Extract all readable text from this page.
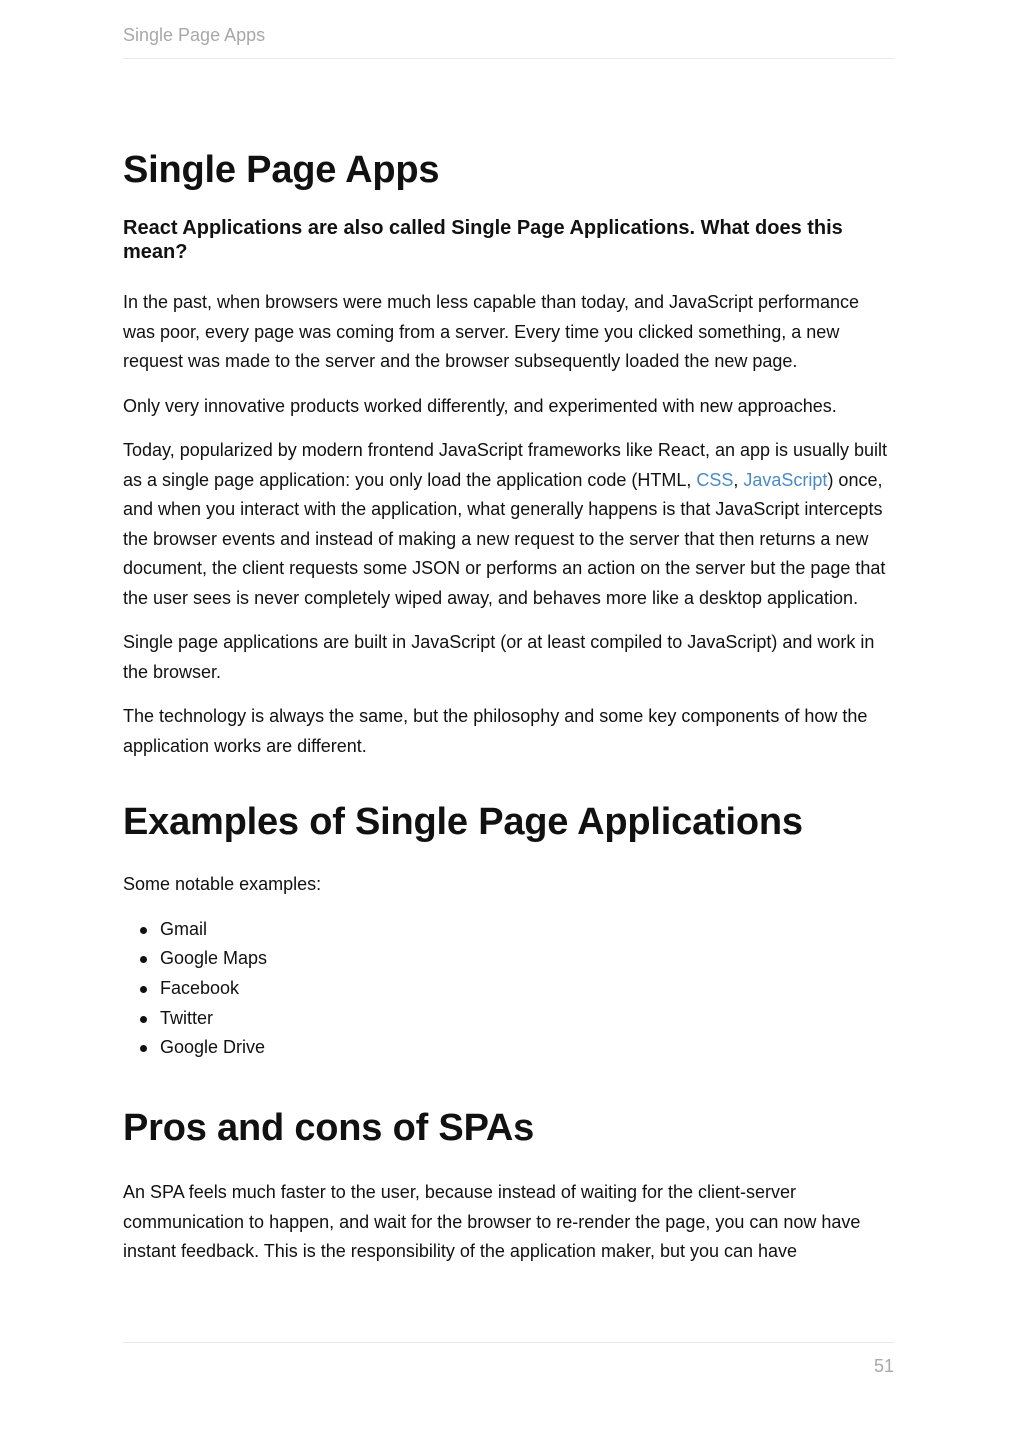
Single Page Apps
Single Page Apps
React Applications are also called Single Page Applications. What does this mean?

In the past, when browsers were much less capable than today, and JavaScript performance was poor, every page was coming from a server. Every time you clicked something, a new request was made to the server and the browser subsequently loaded the new page.

Only very innovative products worked differently, and experimented with new approaches.

Today, popularized by modern frontend JavaScript frameworks like React, an app is usually built as a single page application: you only load the application code (HTML, CSS, JavaScript) once, and when you interact with the application, what generally happens is that JavaScript intercepts the browser events and instead of making a new request to the server that then returns a new document, the client requests some JSON or performs an action on the server but the page that the user sees is never completely wiped away, and behaves more like a desktop application.

Single page applications are built in JavaScript (or at least compiled to JavaScript) and work in the browser.

The technology is always the same, but the philosophy and some key components of how the application works are different.

Examples of Single Page Applications

Some notable examples:

Gmail
Google Maps
Facebook
Twitter
Google Drive
Pros and cons of SPAs

An SPA feels much faster to the user, because instead of waiting for the client-server communication to happen, and wait for the browser to re-render the page, you can now have instant feedback. This is the responsibility of the application maker, but you can have

51
